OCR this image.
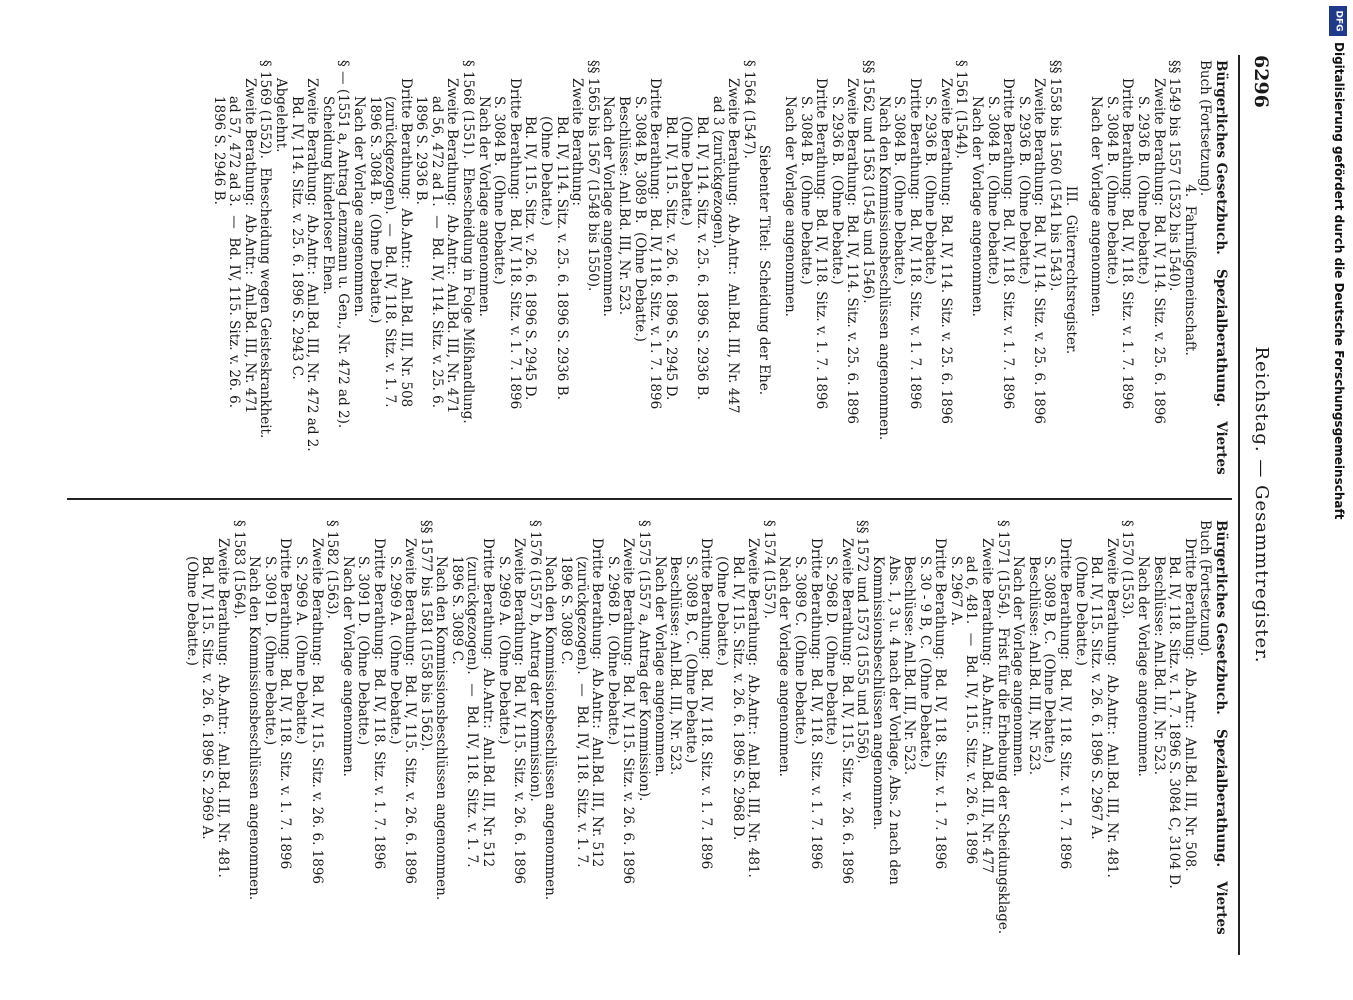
6296
Reichstag. — Gesammtregister.
Bürgerliches Gesetzbuch.   Spezialberathung.   Viertes
Buch (Fortsetzung).
4.  Fahrnißgemeinschaft.
§§ 1549 bis 1557 (1532 bis 1540).
Zweite Berathung:  Bd. IV, 114. Sitz. v. 25. 6. 1896
S. 2936 B.  (Ohne Debatte.)
Dritte Berathung:  Bd. IV, 118. Sitz. v. 1. 7. 1896
S. 3084 B.  (Ohne Debatte.)
Nach der Vorlage angenommen.
III.  Güterrechtsregister.
§§ 1558 bis 1560 (1541 bis 1543).
Zweite Berathung:  Bd. IV, 114. Sitz. v. 25. 6. 1896
S. 2936 B.  (Ohne Debatte.)
Dritte Berathung:  Bd. IV, 118. Sitz. v. 1. 7. 1896
S. 3084 B.  (Ohne Debatte.)
Nach der Vorlage angenommen.
§ 1561 (1544).
Zweite Berathung:  Bd. IV, 114. Sitz. v. 25. 6. 1896
S. 2936 B.  (Ohne Debatte.)
Dritte Berathung:  Bd. IV, 118. Sitz. v. 1. 7. 1896
S. 3084 B.  (Ohne Debatte.)
Nach den Kommissionsbeschlüssen angenommen.
§§ 1562 und 1563 (1545 und 1546).
Zweite Berathung:  Bd. IV, 114. Sitz. v. 25. 6. 1896
S. 2936 B.  (Ohne Debatte.)
Dritte Berathung:  Bd. IV, 118. Sitz. v. 1. 7. 1896
S. 3084 B.  (Ohne Debatte.)
Nach der Vorlage angenommen.
Siebenter Titel:  Scheidung der Ehe.
§ 1564 (1547).
Zweite Berathung:  Ab.Antr.:  Anl.Bd. III, Nr. 447
ad 3 (zurückgezogen).
Bd. IV, 114. Sitz. v. 25. 6. 1896 S. 2936 B.
(Ohne Debatte.)
Bd. IV, 115. Sitz. v. 26. 6. 1896 S. 2945 D.
Dritte Berathung:  Bd. IV, 118. Sitz. v. 1. 7. 1896
S. 3084 B, 3089 B.  (Ohne Debatte.)
Beschlüsse: Anl.Bd. III, Nr. 523.
Nach der Vorlage angenommen.
§§ 1565 bis 1567 (1548 bis 1550).
Zweite Berathung:
Bd. IV, 114. Sitz. v. 25. 6. 1896 S. 2936 B.
(Ohne Debatte.)
Bd. IV, 115. Sitz. v. 26. 6. 1896 S. 2945 D.
Dritte Berathung:  Bd. IV, 118. Sitz. v. 1. 7. 1896
S. 3084 B.  (Ohne Debatte.)
Nach der Vorlage angenommen.
§ 1568 (1551).  Ehescheidung in Folge Mißhandlung.
Zweite Berathung:  Ab.Antr.:  Anl.Bd. III, Nr. 471
ad 56, 472 ad 1.  —  Bd. IV, 114. Sitz. v. 25. 6.
1896 S. 2936 B.
Dritte Berathung:  Ab.Antr.:  Anl.Bd. III, Nr. 508
(zurückgezogen).  —  Bd. IV, 118. Sitz. v. 1. 7.
1896 S. 3084 B.  (Ohne Debatte.)
Nach der Vorlage angenommen.
§ — (1551 a, Antrag Lenzmann u. Gen., Nr. 472 ad 2).
Scheidung kinderloser Ehen.
Zweite Berathung:  Ab.Antr.:  Anl.Bd. III, Nr. 472 ad 2.
Bd. IV, 114. Sitz. v. 25. 6. 1896 S. 2943 C.
Abgelehnt.
§ 1569 (1552).  Ehescheidung wegen Geisteskrankheit.
Zweite Berathung:  Ab.Antr.:  Anl.Bd. III, Nr. 471
ad 57, 472 ad 3.  —  Bd. IV, 115. Sitz. v. 26. 6.
1896 S. 2946 B.
Bürgerliches Gesetzbuch.   Spezialberathung.   Viertes
Buch (Fortsetzung).
Dritte Berathung:  Ab.Antr.:  Anl.Bd. III, Nr. 508.
Bd. IV, 118. Sitz. v. 1. 7. 1896 S. 3084 C, 3104 D.
Beschlüsse: Anl.Bd. III, Nr. 523.
Nach der Vorlage angenommen.
§ 1570 (1553).
Zweite Berathung:  Ab.Antr.:  Anl.Bd. III, Nr. 481.
Bd. IV, 115. Sitz. v. 26. 6. 1896 S. 2967 A.
(Ohne Debatte.)
Dritte Berathung:  Bd. IV, 118. Sitz. v. 1. 7. 1896
S. 3089 B, C.  (Ohne Debatte.)
Beschlüsse: Anl.Bd. III, Nr. 523.
Nach der Vorlage angenommen.
§ 1571 (1554).  Frist für die Erhebung der Scheidungsklage.
Zweite Berathung:  Ab.Antr.:  Anl.Bd. III, Nr. 477
ad 6, 481.  —  Bd. IV, 115. Sitz. v. 26. 6. 1896
S. 2967 A.
Dritte Berathung:  Bd. IV, 118. Sitz. v. 1. 7. 1896
S. 30 - 9 B, C.  (Ohne Debatte.)
Beschlüsse: Anl.Bd. III, Nr. 523.
Abs. 1, 3 u. 4 nach der Vorlage, Abs. 2 nach den
Kommissionsbeschlüssen angenommen.
§§ 1572 und 1573 (1555 und 1556).
Zweite Berathung:  Bd. IV, 115. Sitz. v. 26. 6. 1896
S. 2968 D.  (Ohne Debatte.)
Dritte Berathung:  Bd. IV, 118. Sitz. v. 1. 7. 1896
S. 3089 C.  (Ohne Debatte.)
Nach der Vorlage angenommen.
§ 1574 (1557).
Zweite Berathung:  Ab.Antr.:  Anl.Bd. III, Nr. 481.
Bd. IV, 115. Sitz. v. 26. 6. 1896 S. 2968 D.
(Ohne Debatte.)
Dritte Berathung:  Bd. IV, 118. Sitz. v. 1. 7. 1896
S. 3089 B, C.  (Ohne Debatte.)
Beschlüsse: Anl.Bd. III, Nr. 523.
Nach der Vorlage angenommen.
§ 1575 (1557 a, Antrag der Kommission).
Zweite Berathung:  Bd. IV, 115. Sitz. v. 26. 6. 1896
S. 2968 D.  (Ohne Debatte.)
Dritte Berathung:  Ab.Antr.:  Anl.Bd. III, Nr. 512
(zurückgezogen).  —  Bd. IV, 118. Sitz. v. 1. 7.
1896 S. 3089 C.
Nach den Kommissionsbeschlüssen angenommen.
§ 1576 (1557 b, Antrag der Kommission).
Zweite Berathung:  Bd. IV, 115. Sitz. v. 26. 6. 1896
S. 2969 A.  (Ohne Debatte.)
Dritte Berathung:  Ab.Antr.:  Anl.Bd. III, Nr. 512
(zurückgezogen).  —  Bd. IV, 118. Sitz. v. 1. 7.
1896 S. 3089 C.
Nach den Kommissionsbeschlüssen angenommen.
§§ 1577 bis 1581 (1558 bis 1562).
Zweite Berathung:  Bd. IV, 115. Sitz. v. 26. 6. 1896
S. 2969 A.  (Ohne Debatte.)
Dritte Berathung:  Bd. IV, 118. Sitz. v. 1. 7. 1896
S. 3091 D.  (Ohne Debatte.)
Nach der Vorlage angenommen.
§ 1582 (1563).
Zweite Berathung:  Bd. IV, 115. Sitz. v. 26. 6. 1896
S. 2969 A.  (Ohne Debatte.)
Dritte Berathung:  Bd. IV, 118. Sitz. v. 1. 7. 1896
S. 3091 D.  (Ohne Debatte.)
Nach den Kommissionsbeschlüssen angenommen.
§ 1583 (1564).
Zweite Berathung:  Ab.Antr.:  Anl.Bd. III, Nr. 481.
Bd. IV, 115. Sitz. v. 26. 6. 1896 S. 2969 A.
(Ohne Debatte.)
DFG
Digitalisierung gefördert durch die Deutsche Forschungsgemeinschaft
